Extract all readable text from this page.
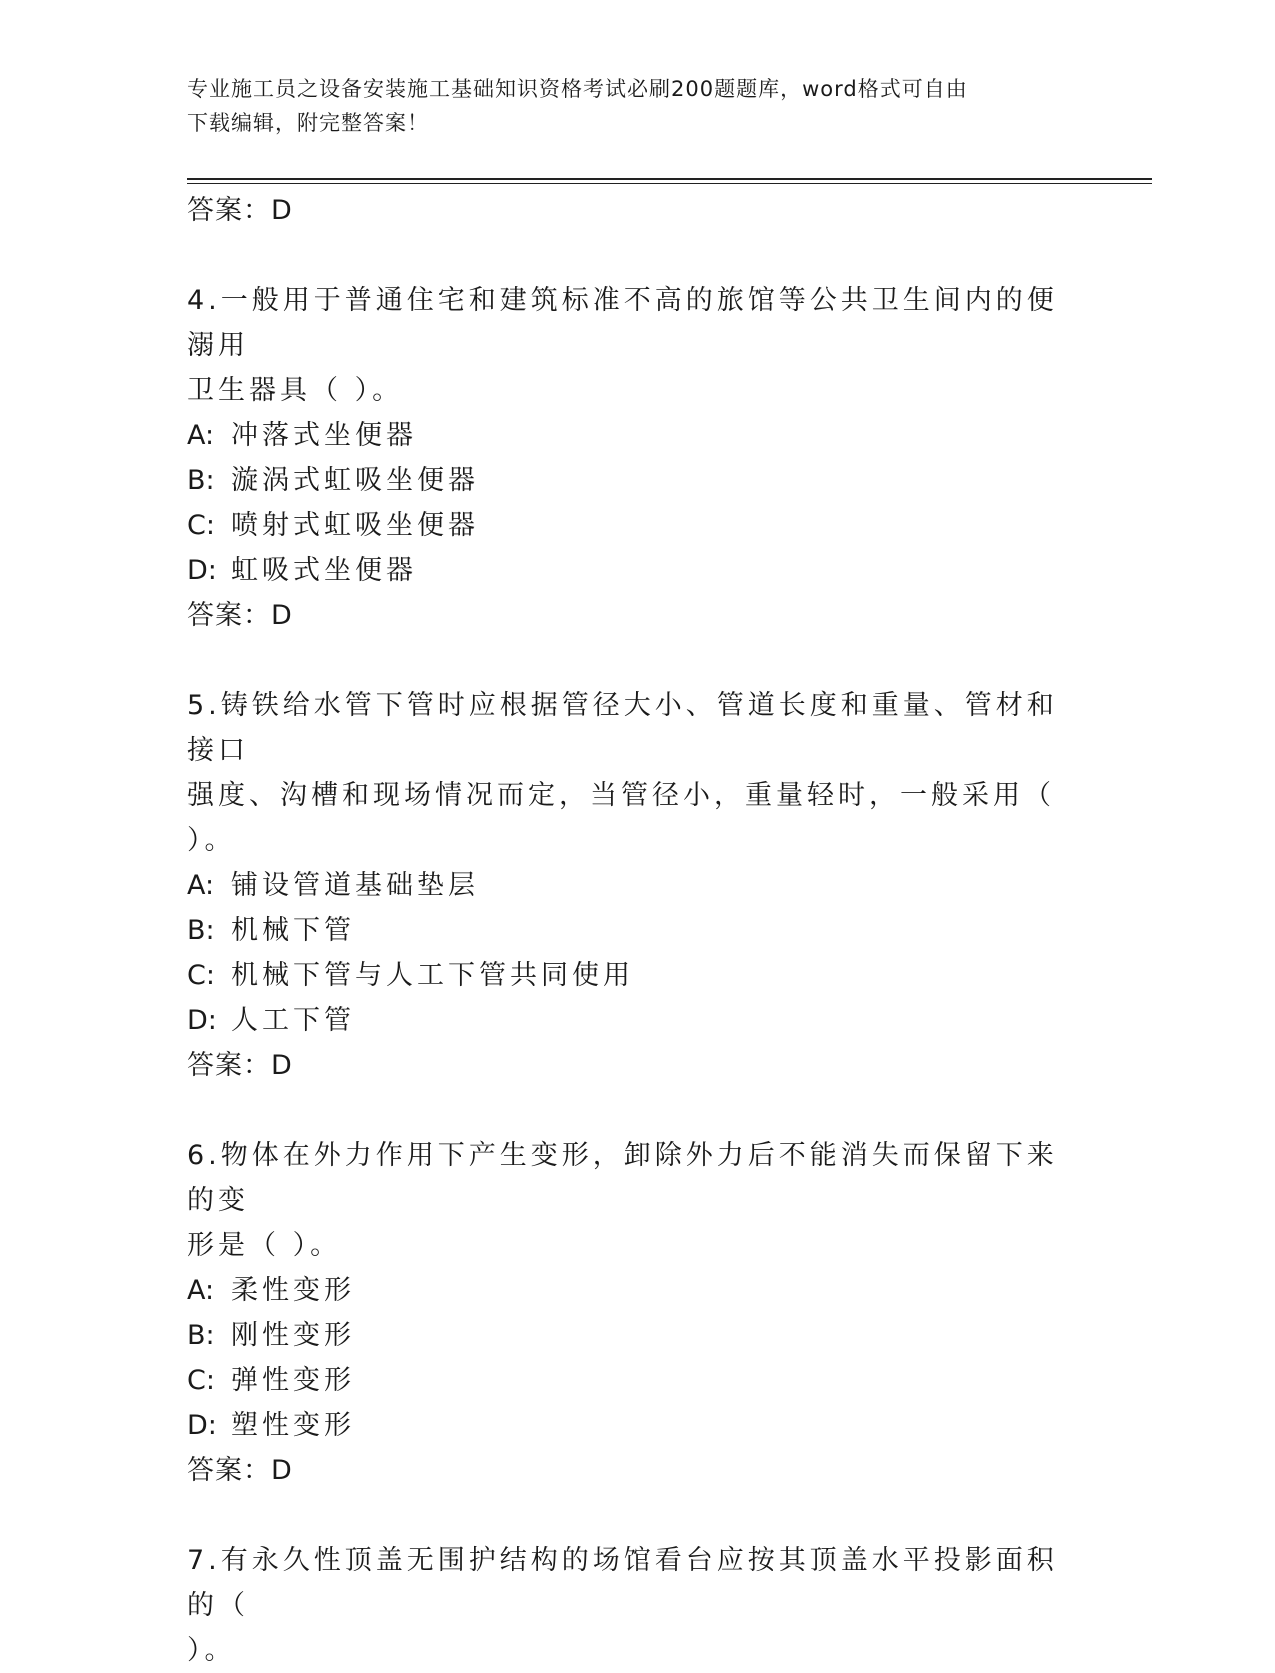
专业施工员之设备安装施工基础知识资格考试必刷200题题库，word格式可自由
下载编辑，附完整答案！
答案：D
4.一般用于普通住宅和建筑标准不高的旅馆等公共卫生间内的便溺用
卫生器具（ ）。
A: 冲落式坐便器
B: 漩涡式虹吸坐便器
C: 喷射式虹吸坐便器
D: 虹吸式坐便器
答案：D
5.铸铁给水管下管时应根据管径大小、管道长度和重量、管材和接口
强度、沟槽和现场情况而定，当管径小，重量轻时，一般采用（ ）。
A: 铺设管道基础垫层
B: 机械下管
C: 机械下管与人工下管共同使用
D: 人工下管
答案：D
6.物体在外力作用下产生变形，卸除外力后不能消失而保留下来的变
形是（ ）。
A: 柔性变形
B: 刚性变形
C: 弹性变形
D: 塑性变形
答案：D
7.有永久性顶盖无围护结构的场馆看台应按其顶盖水平投影面积的（
）。
